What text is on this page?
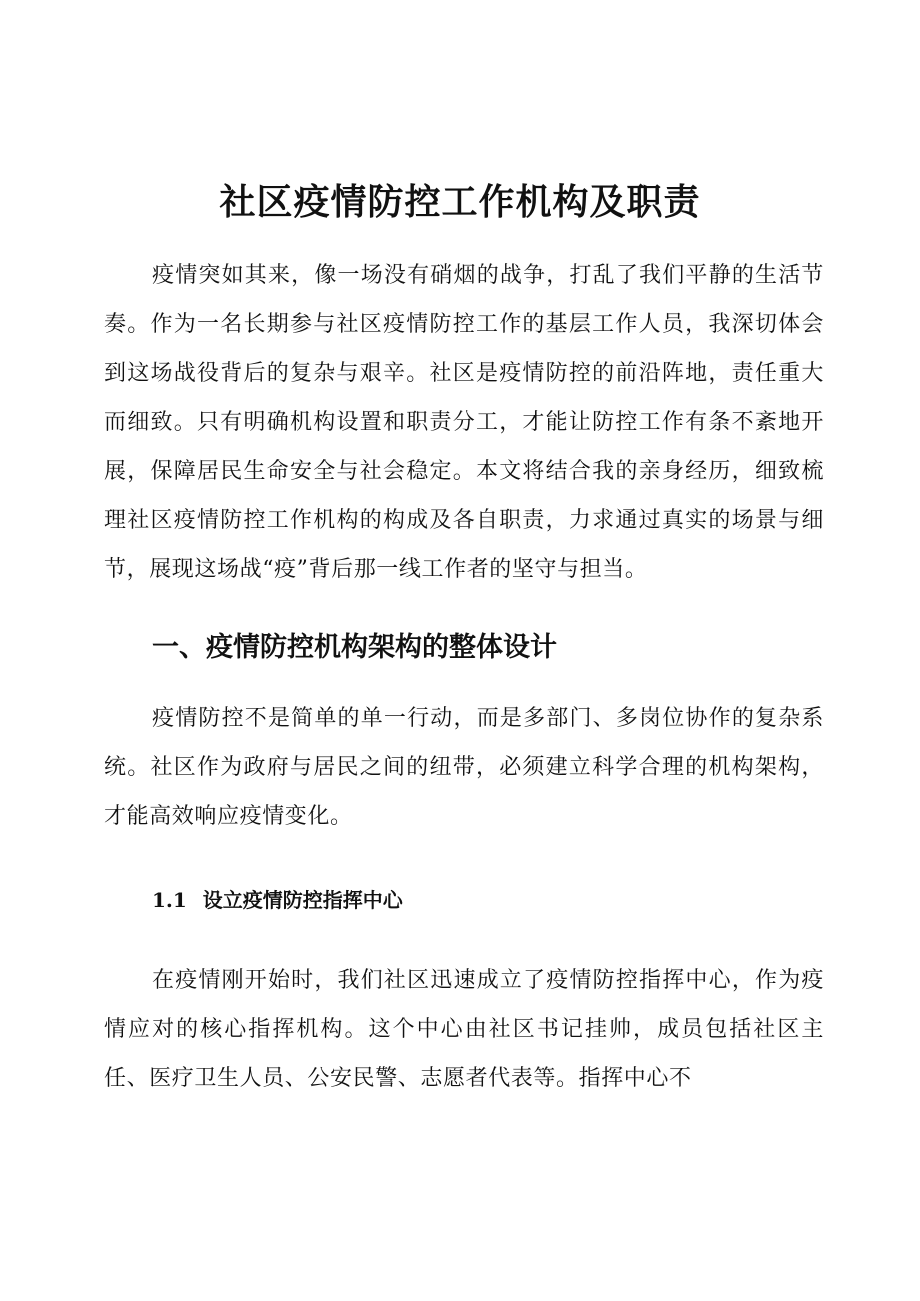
社区疫情防控工作机构及职责

疫情突如其来，像一场没有硝烟的战争，打乱了我们平静的生活节奏。作为一名长期参与社区疫情防控工作的基层工作人员，我深切体会到这场战役背后的复杂与艰辛。社区是疫情防控的前沿阵地，责任重大而细致。只有明确机构设置和职责分工，才能让防控工作有条不紊地开展，保障居民生命安全与社会稳定。本文将结合我的亲身经历，细致梳理社区疫情防控工作机构的构成及各自职责，力求通过真实的场景与细节，展现这场战“疫”背后那一线工作者的坚守与担当。

一、疫情防控机构架构的整体设计

疫情防控不是简单的单一行动，而是多部门、多岗位协作的复杂系统。社区作为政府与居民之间的纽带，必须建立科学合理的机构架构，才能高效响应疫情变化。

1.1 设立疫情防控指挥中心

在疫情刚开始时，我们社区迅速成立了疫情防控指挥中心，作为疫情应对的核心指挥机构。这个中心由社区书记挂帅，成员包括社区主任、医疗卫生人员、公安民警、志愿者代表等。指挥中心不
